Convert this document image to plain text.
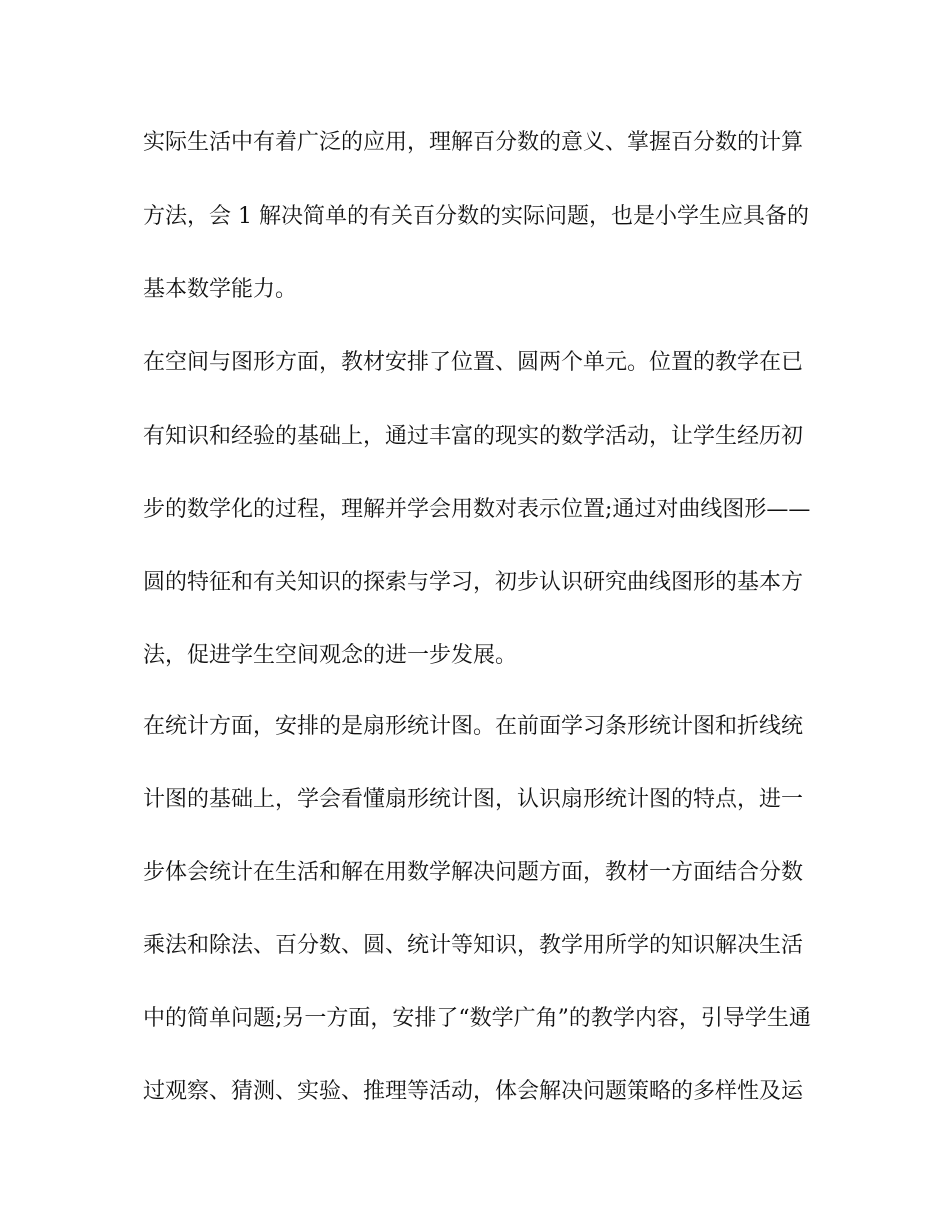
实际生活中有着广泛的应用，理解百分数的意义、掌握百分数的计算
方法，会 1 解决简单的有关百分数的实际问题，也是小学生应具备的
基本数学能力。
在空间与图形方面，教材安排了位置、圆两个单元。位置的教学在已
有知识和经验的基础上，通过丰富的现实的数学活动，让学生经历初
步的数学化的过程，理解并学会用数对表示位置;通过对曲线图形——
圆的特征和有关知识的探索与学习，初步认识研究曲线图形的基本方
法，促进学生空间观念的进一步发展。
在统计方面，安排的是扇形统计图。在前面学习条形统计图和折线统
计图的基础上，学会看懂扇形统计图，认识扇形统计图的特点，进一
步体会统计在生活和解在用数学解决问题方面，教材一方面结合分数
乘法和除法、百分数、圆、统计等知识，教学用所学的知识解决生活
中的简单问题;另一方面，安排了“数学广角”的教学内容，引导学生通
过观察、猜测、实验、推理等活动，体会解决问题策略的多样性及运
